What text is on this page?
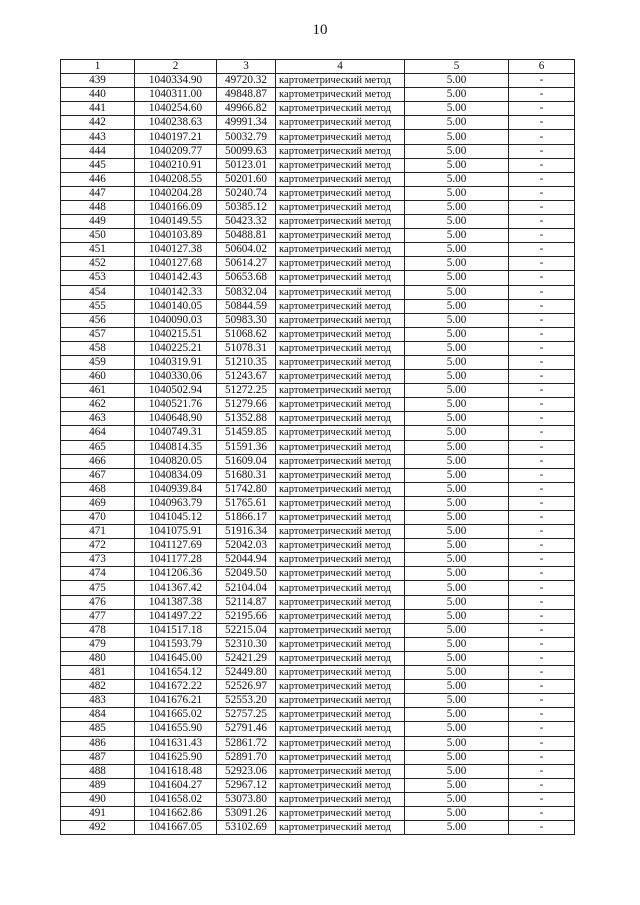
10
1	2	3	4	5	6
439	1040334.90	49720.32	картометрический метод	5.00	-
440	1040311.00	49848.87	картометрический метод	5.00	-
441	1040254.60	49966.82	картометрический метод	5.00	-
442	1040238.63	49991.34	картометрический метод	5.00	-
443	1040197.21	50032.79	картометрический метод	5.00	-
444	1040209.77	50099.63	картометрический метод	5.00	-
445	1040210.91	50123.01	картометрический метод	5.00	-
446	1040208.55	50201.60	картометрический метод	5.00	-
447	1040204.28	50240.74	картометрический метод	5.00	-
448	1040166.09	50385.12	картометрический метод	5.00	-
449	1040149.55	50423.32	картометрический метод	5.00	-
450	1040103.89	50488.81	картометрический метод	5.00	-
451	1040127.38	50604.02	картометрический метод	5.00	-
452	1040127.68	50614.27	картометрический метод	5.00	-
453	1040142.43	50653.68	картометрический метод	5.00	-
454	1040142.33	50832.04	картометрический метод	5.00	-
455	1040140.05	50844.59	картометрический метод	5.00	-
456	1040090.03	50983.30	картометрический метод	5.00	-
457	1040215.51	51068.62	картометрический метод	5.00	-
458	1040225.21	51078.31	картометрический метод	5.00	-
459	1040319.91	51210.35	картометрический метод	5.00	-
460	1040330.06	51243.67	картометрический метод	5.00	-
461	1040502.94	51272.25	картометрический метод	5.00	-
462	1040521.76	51279.66	картометрический метод	5.00	-
463	1040648.90	51352.88	картометрический метод	5.00	-
464	1040749.31	51459.85	картометрический метод	5.00	-
465	1040814.35	51591.36	картометрический метод	5.00	-
466	1040820.05	51609.04	картометрический метод	5.00	-
467	1040834.09	51680.31	картометрический метод	5.00	-
468	1040939.84	51742.80	картометрический метод	5.00	-
469	1040963.79	51765.61	картометрический метод	5.00	-
470	1041045.12	51866.17	картометрический метод	5.00	-
471	1041075.91	51916.34	картометрический метод	5.00	-
472	1041127.69	52042.03	картометрический метод	5.00	-
473	1041177.28	52044.94	картометрический метод	5.00	-
474	1041206.36	52049.50	картометрический метод	5.00	-
475	1041367.42	52104.04	картометрический метод	5.00	-
476	1041387.38	52114.87	картометрический метод	5.00	-
477	1041497.22	52195.66	картометрический метод	5.00	-
478	1041517.18	52215.04	картометрический метод	5.00	-
479	1041593.79	52310.30	картометрический метод	5.00	-
480	1041645.00	52421.29	картометрический метод	5.00	-
481	1041654.12	52449.80	картометрический метод	5.00	-
482	1041672.22	52526.97	картометрический метод	5.00	-
483	1041676.21	52553.20	картометрический метод	5.00	-
484	1041665.02	52757.25	картометрический метод	5.00	-
485	1041655.90	52791.46	картометрический метод	5.00	-
486	1041631.43	52861.72	картометрический метод	5.00	-
487	1041625.90	52891.70	картометрический метод	5.00	-
488	1041618.48	52923.06	картометрический метод	5.00	-
489	1041604.27	52967.12	картометрический метод	5.00	-
490	1041658.02	53073.80	картометрический метод	5.00	-
491	1041662.86	53091.26	картометрический метод	5.00	-
492	1041667.05	53102.69	картометрический метод	5.00	-
